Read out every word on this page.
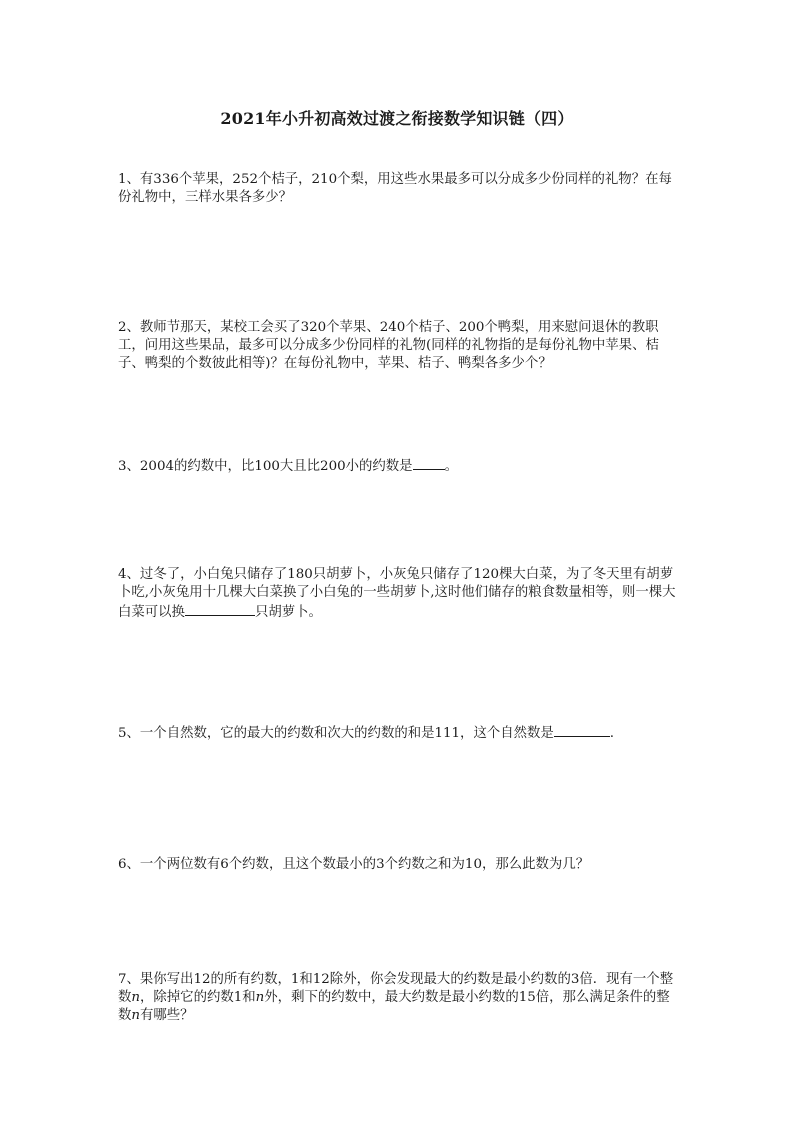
2021年小升初高效过渡之衔接数学知识链（四）
1、有336个苹果，252个桔子，210个梨，用这些水果最多可以分成多少份同样的礼物？在每份礼物中，三样水果各多少？
2、教师节那天，某校工会买了320个苹果、240个桔子、200个鸭梨，用来慰问退休的教职工，问用这些果品，最多可以分成多少份同样的礼物(同样的礼物指的是每份礼物中苹果、桔子、鸭梨的个数彼此相等)？在每份礼物中，苹果、桔子、鸭梨各多少个？
3、2004的约数中，比100大且比200小的约数是 。
4、过冬了，小白兔只储存了180只胡萝卜，小灰兔只储存了120棵大白菜，为了冬天里有胡萝卜吃,小灰兔用十几棵大白菜换了小白兔的一些胡萝卜,这时他们储存的粮食数量相等，则一棵大白菜可以换	只胡萝卜。
5、一个自然数，它的最大的约数和次大的约数的和是111，这个自然数是	.
6、一个两位数有6个约数，且这个数最小的3个约数之和为10，那么此数为几？
7、果你写出12的所有约数，1和12除外，你会发现最大的约数是最小约数的3倍．现有一个整数n，除掉它的约数1和n外，剩下的约数中，最大约数是最小约数的15倍，那么满足条件的整数n有哪些？
